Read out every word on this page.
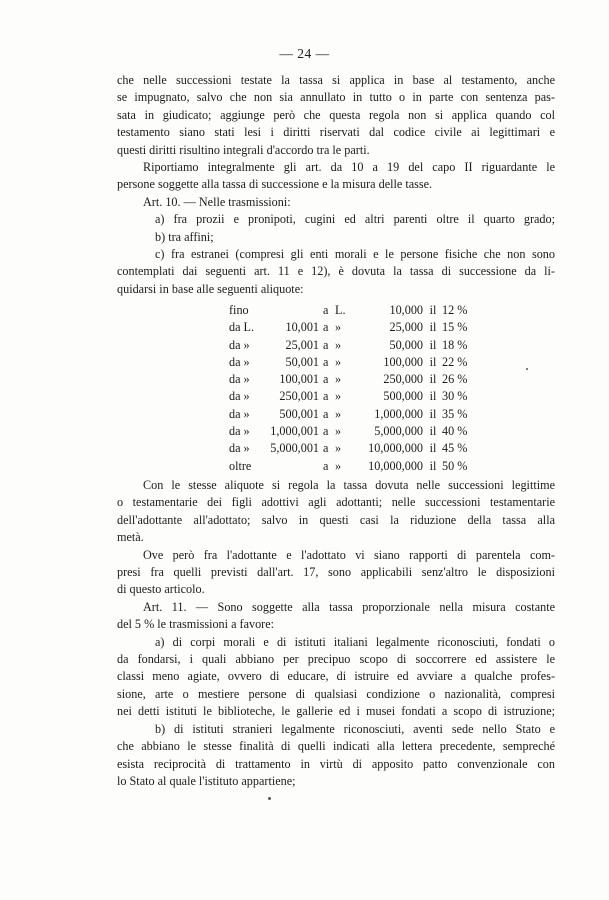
— 24 —

che nelle successioni testate la tassa si applica in base al testamento, anche
se impugnato, salvo che non sia annullato in tutto o in parte con sentenza pas-
sata in giudicato; aggiunge però che questa regola non si applica quando col
testamento siano stati lesi i diritti riservati dal codice civile ai legittimari e
questi diritti risultino integrali d'accordo tra le parti.

Riportiamo integralmente gli art. da 10 a 19 del capo II riguardante le
persone soggette alla tassa di successione e la misura delle tasse.

Art. 10. — Nelle trasmissioni:

a) fra prozii e pronipoti, cugini ed altri parenti oltre il quarto grado;

b) tra affini;

c) fra estranei (compresi gli enti morali e le persone fisiche che non sono
contemplati dai seguenti art. 11 e 12), è dovuta la tassa di successione da li-
quidarsi in base alle seguenti aliquote:

fino		a	L.	10,000	il	12 %
da L.	10,001	a	»	25,000	il	15 %
da »	25,001	a	»	50,000	il	18 %
da »	50,001	a	»	100,000	il	22 %
da »	100,001	a	»	250,000	il	26 %
da »	250,001	a	»	500,000	il	30 %
da »	500,001	a	»	1,000,000	il	35 %
da »	1,000,001	a	»	5,000,000	il	40 %
da »	5,000,001	a	»	10,000,000	il	45 %
oltre		a	»	10,000,000	il	50 %

Con le stesse aliquote si regola la tassa dovuta nelle successioni legittime
o testamentarie dei figli adottivi agli adottanti; nelle successioni testamentarie
dell'adottante all'adottato; salvo in questi casi la riduzione della tassa alla
metà.

Ove però fra l'adottante e l'adottato vi siano rapporti di parentela com-
presi fra quelli previsti dall'art. 17, sono applicabili senz'altro le disposizioni
di questo articolo.

Art. 11. — Sono soggette alla tassa proporzionale nella misura costante
del 5 % le trasmissioni a favore:

a) di corpi morali e di istituti italiani legalmente riconosciuti, fondati o
da fondarsi, i quali abbiano per precipuo scopo di soccorrere ed assistere le
classi meno agiate, ovvero di educare, di istruire ed avviare a qualche profes-
sione, arte o mestiere persone di qualsiasi condizione o nazionalità, compresi
nei detti istituti le biblioteche, le gallerie ed i musei fondati a scopo di istruzione;

b) di istituti stranieri legalmente riconosciuti, aventi sede nello Stato e
che abbiano le stesse finalità di quelli indicati alla lettera precedente, sempreché
esista reciprocità di trattamento in virtù di apposito patto convenzionale con
lo Stato al quale l'istituto appartiene;
